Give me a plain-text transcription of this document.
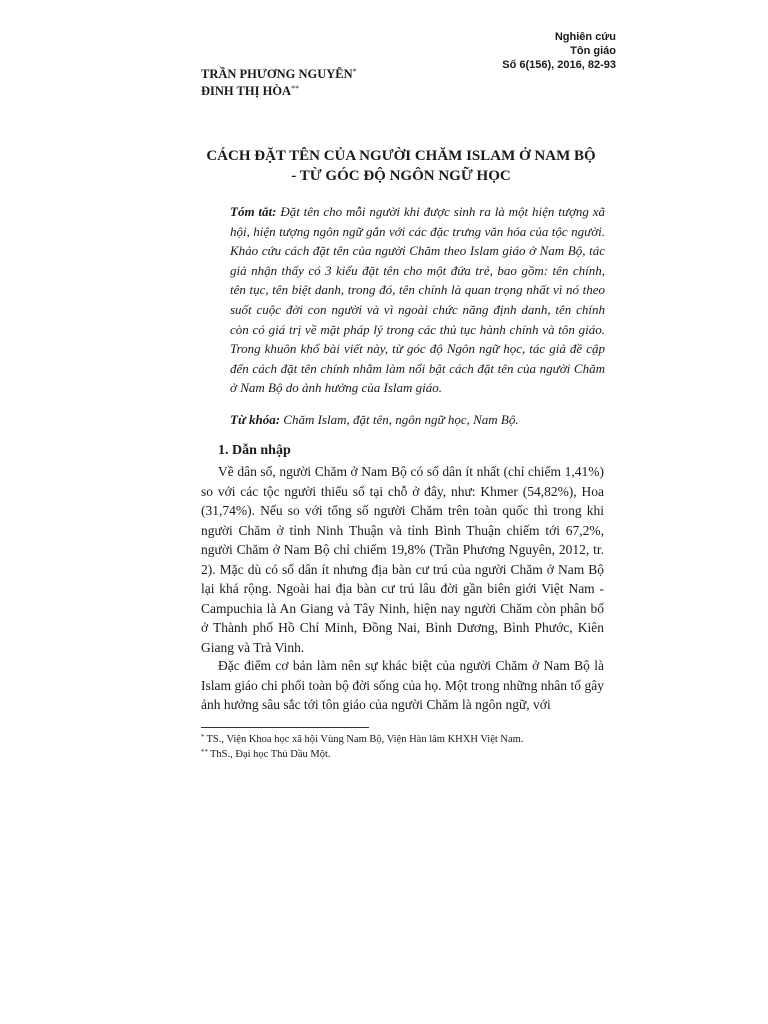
Nghiên cứu
Tôn giáo
Số 6(156), 2016, 82-93
TRẦN PHƯƠNG NGUYÊN*
ĐINH THỊ HÒA**
CÁCH ĐẶT TÊN CỦA NGƯỜI CHĂM ISLAM Ở NAM BỘ
- TỪ GÓC ĐỘ NGÔN NGỮ HỌC
Tóm tắt: Đặt tên cho mỗi người khi được sinh ra là một hiện tượng xã hội, hiện tượng ngôn ngữ gắn với các đặc trưng văn hóa của tộc người. Khảo cứu cách đặt tên của người Chăm theo Islam giáo ở Nam Bộ, tác giả nhận thấy có 3 kiểu đặt tên cho một đứa trẻ, bao gồm: tên chính, tên tục, tên biệt danh, trong đó, tên chính là quan trọng nhất vì nó theo suốt cuộc đời con người và vì ngoài chức năng định danh, tên chính còn có giá trị về mặt pháp lý trong các thủ tục hành chính và tôn giáo. Trong khuôn khổ bài viết này, từ góc độ Ngôn ngữ học, tác giả đề cập đến cách đặt tên chính nhằm làm nổi bật cách đặt tên của người Chăm ở Nam Bộ do ảnh hưởng của Islam giáo.
Từ khóa: Chăm Islam, đặt tên, ngôn ngữ học, Nam Bộ.
1. Dẫn nhập

Về dân số, người Chăm ở Nam Bộ có số dân ít nhất (chỉ chiếm 1,41%) so với các tộc người thiểu số tại chỗ ở đây, như: Khmer (54,82%), Hoa (31,74%). Nếu so với tổng số người Chăm trên toàn quốc thì trong khi người Chăm ở tỉnh Ninh Thuận và tỉnh Bình Thuận chiếm tới 67,2%, người Chăm ở Nam Bộ chỉ chiếm 19,8% (Trần Phương Nguyên, 2012, tr. 2). Mặc dù có số dân ít nhưng địa bàn cư trú của người Chăm ở Nam Bộ lại khá rộng. Ngoài hai địa bàn cư trú lâu đời gần biên giới Việt Nam - Campuchia là An Giang và Tây Ninh, hiện nay người Chăm còn phân bố ở Thành phố Hồ Chí Minh, Đồng Nai, Bình Dương, Bình Phước, Kiên Giang và Trà Vinh.

Đặc điểm cơ bản làm nên sự khác biệt của người Chăm ở Nam Bộ là Islam giáo chi phối toàn bộ đời sống của họ. Một trong những nhân tố gây ảnh hưởng sâu sắc tới tôn giáo của người Chăm là ngôn ngữ, với

* TS., Viện Khoa học xã hội Vùng Nam Bộ, Viện Hàn lâm KHXH Việt Nam.
** ThS., Đại học Thủ Dầu Một.
